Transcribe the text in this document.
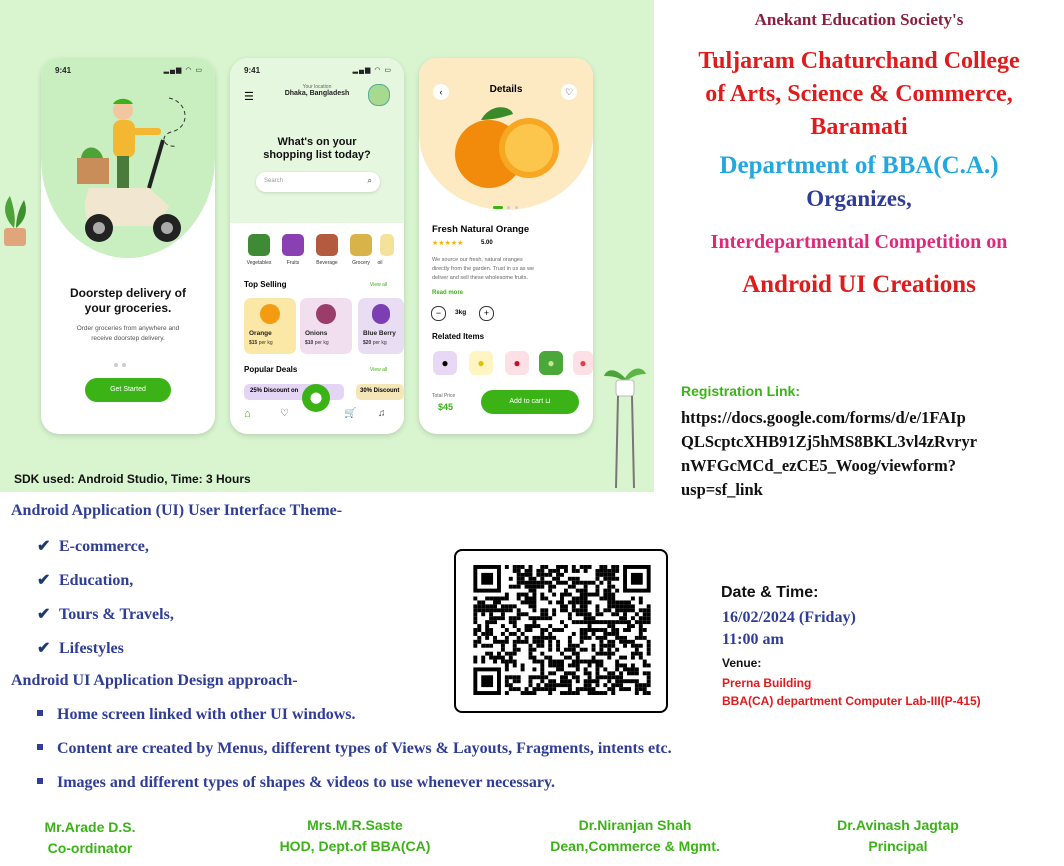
9:41	▂▄▆ ◠ ▭
Doorstep delivery of
your groceries.
Order groceries from anywhere and
receive doorstep delivery.

Get Started
9:41	▂▄▆ ◠ ▭
☰
Your location
Dhaka, Bangladesh
What's on your
shopping list today?
Search	⌕
Vegetables	Fruits	Beverage	Grocery	oil
Top Selling	View all
Orange
$15 per kg
Onions
$10 per kg
Blue Berry
$20 per kg
Popular Deals	View all
25% Discount on	30% Discount
⌂	♡
⬤
🛒 ♫
‹	Details	♡

Fresh Natural Orange
★★★★★	5.00
We source our fresh, natural oranges
directly from the garden. Trust in us as we
deliver and sell these wholesome fruits.
Read more
−	3kg	+
Related Items
●	●	●	●	●
Total Price
$45
Add to cart ⊔
SDK used: Android Studio, Time: 3 Hours
Anekant Education Society's
Tuljaram Chaturchand College
of Arts, Science & Commerce,
Baramati
Department of BBA(C.A.)
Organizes,
Interdepartmental Competition on
Android UI Creations
Registration Link:
https://docs.google.com/forms/d/e/1FAIp
QLScptcXHB91Zj5hMS8BKL3vl4zRvryr
nWFGcMCd_ezCE5_Woog/viewform?
usp=sf_link
Android Application (UI) User Interface Theme-
✔ E-commerce,
✔ Education,
✔ Tours & Travels,
✔ Lifestyles
Android UI Application Design approach-
Home screen linked with other UI windows.
Content are created by Menus, different types of Views & Layouts, Fragments, intents etc.
Images and different types of shapes & videos to use whenever necessary.
Date & Time:
16/02/2024 (Friday)
11:00 am
Venue:
Prerna Building
BBA(CA) department Computer Lab-III(P-415)
Mr.Arade D.S.
Co-ordinator
Mrs.M.R.Saste
HOD, Dept.of BBA(CA)
Dr.Niranjan Shah
Dean,Commerce & Mgmt.
Dr.Avinash Jagtap
Principal
